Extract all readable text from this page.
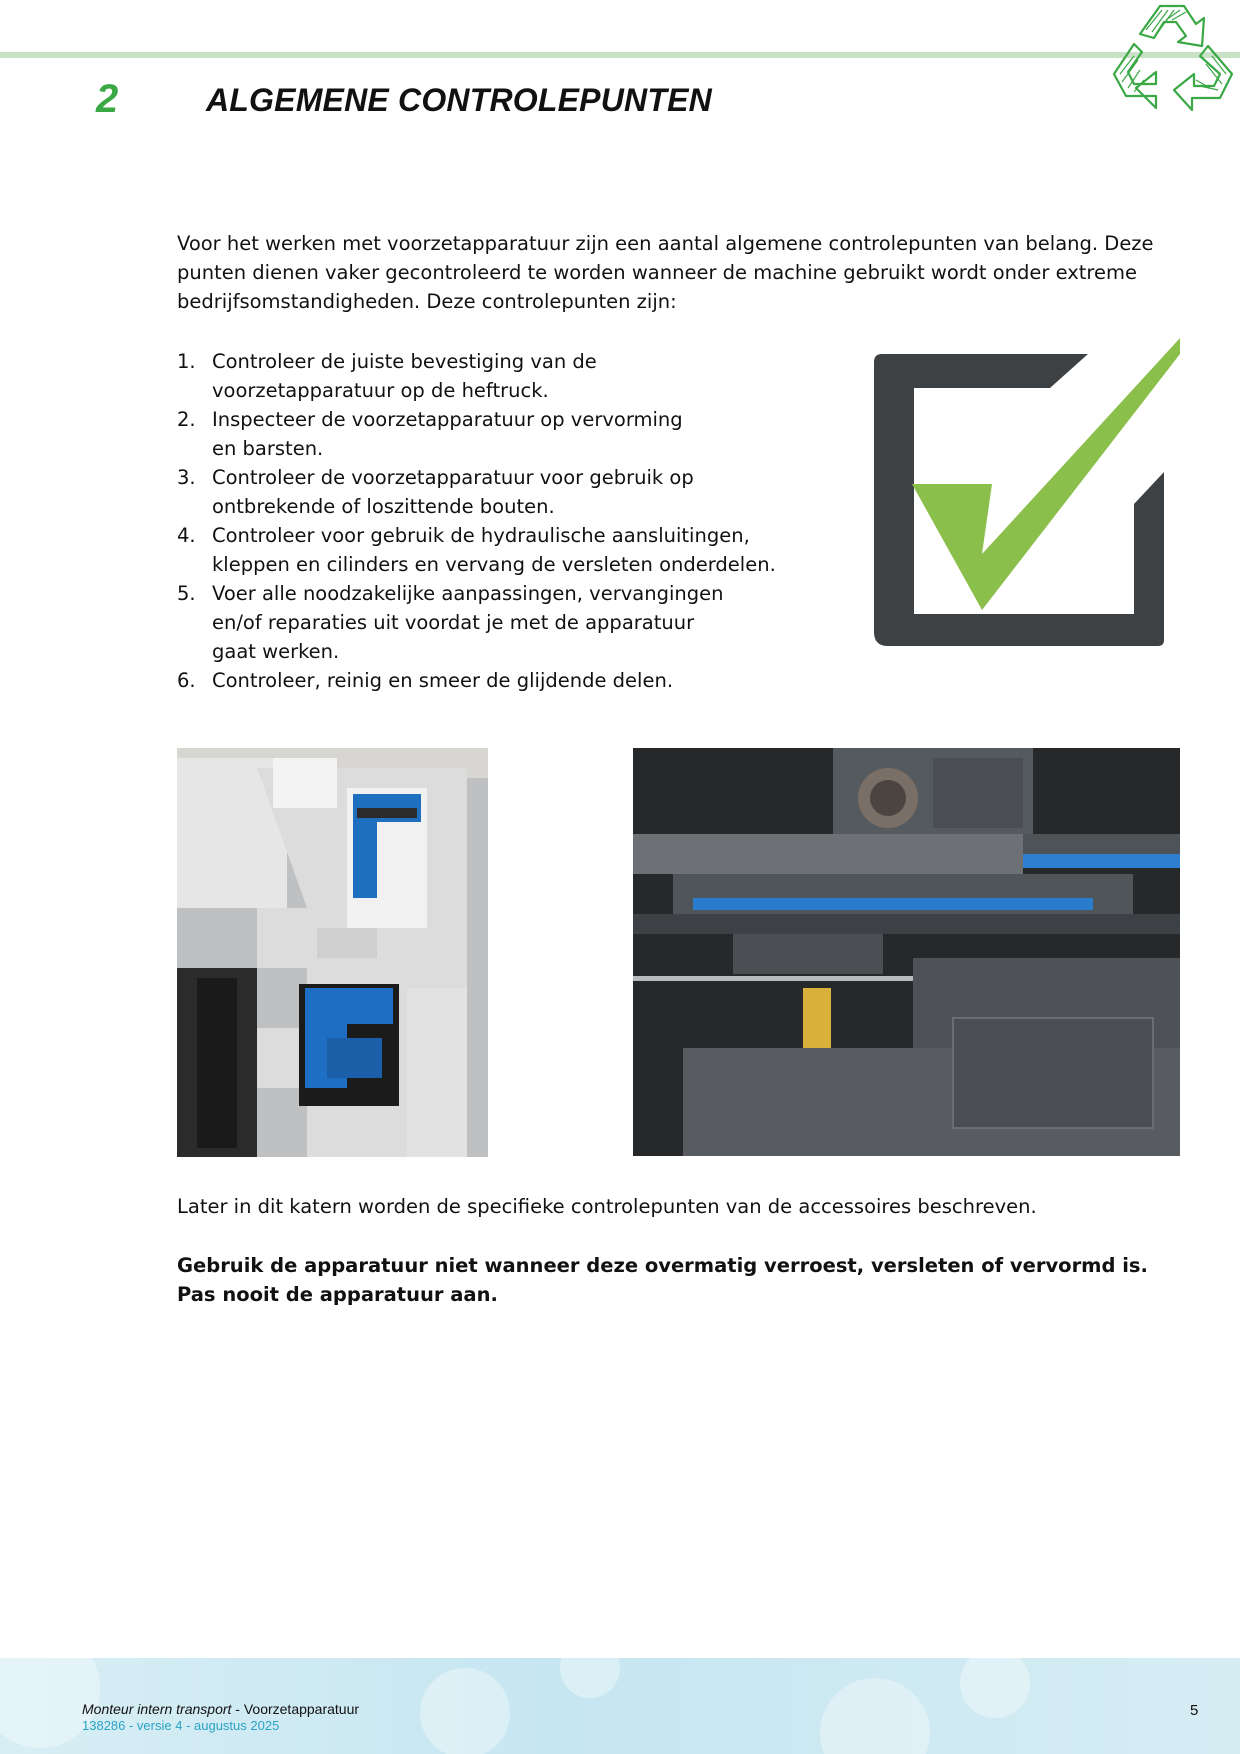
2	ALGEMENE CONTROLEPUNTEN

Voor het werken met voorzetapparatuur zijn een aantal algemene controlepunten van belang. Deze punten dienen vaker gecontroleerd te worden wanneer de machine gebruikt wordt onder extreme bedrijfsomstandigheden. Deze controlepunten zijn:

1. Controleer de juiste bevestiging van de
voorzetapparatuur op de heftruck.
2. Inspecteer de voorzetapparatuur op vervorming
en barsten.
3. Controleer de voorzetapparatuur voor gebruik op
ontbrekende of loszittende bouten.
4. Controleer voor gebruik de hydraulische aansluitingen,
kleppen en cilinders en vervang de versleten onderdelen.
5. Voer alle noodzakelijke aanpassingen, vervangingen
en/of reparaties uit voordat je met de apparatuur
gaat werken.
6. Controleer, reinig en smeer de glijdende delen.

Later in dit katern worden de specifieke controlepunten van de accessoires beschreven.

Gebruik de apparatuur niet wanneer deze overmatig verroest, versleten of vervormd is.
Pas nooit de apparatuur aan.

Monteur intern transport - Voorzetapparatuur
138286 - versie 4 - augustus 2025
5
